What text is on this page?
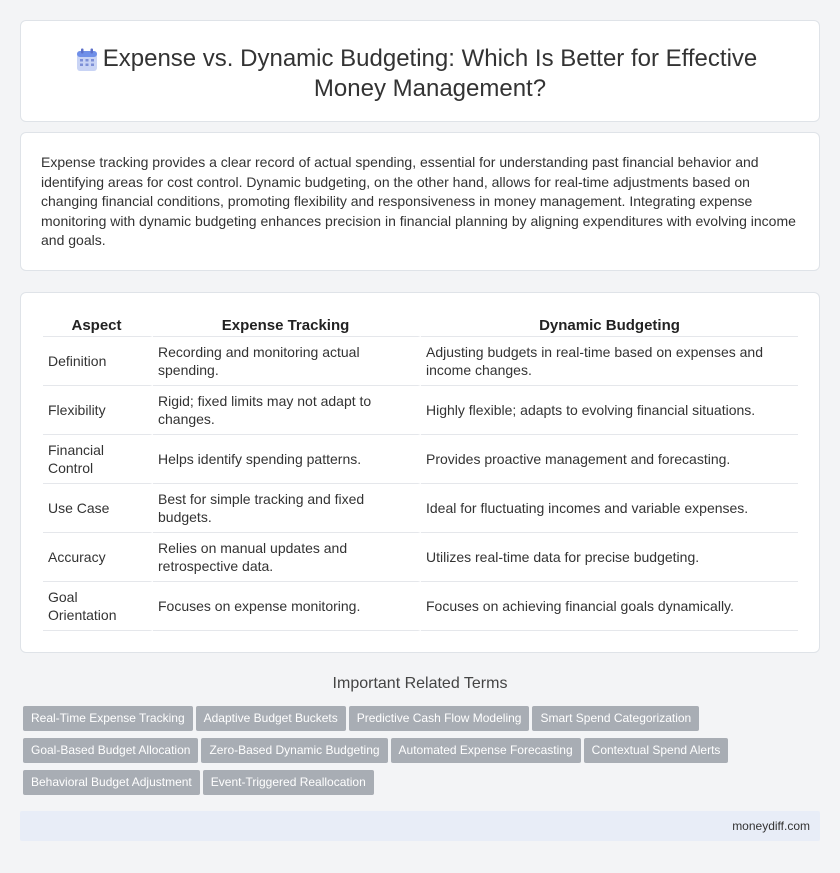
Expense vs. Dynamic Budgeting: Which Is Better for Effective Money Management?

Expense tracking provides a clear record of actual spending, essential for understanding past financial behavior and identifying areas for cost control. Dynamic budgeting, on the other hand, allows for real-time adjustments based on changing financial conditions, promoting flexibility and responsiveness in money management. Integrating expense monitoring with dynamic budgeting enhances precision in financial planning by aligning expenditures with evolving income and goals.

Aspect	Expense Tracking	Dynamic Budgeting
Definition	Recording and monitoring actual spending.	Adjusting budgets in real-time based on expenses and income changes.
Flexibility	Rigid; fixed limits may not adapt to changes.	Highly flexible; adapts to evolving financial situations.
Financial Control	Helps identify spending patterns.	Provides proactive management and forecasting.
Use Case	Best for simple tracking and fixed budgets.	Ideal for fluctuating incomes and variable expenses.
Accuracy	Relies on manual updates and retrospective data.	Utilizes real-time data for precise budgeting.
Goal Orientation	Focuses on expense monitoring.	Focuses on achieving financial goals dynamically.
Important Related Terms
Real-Time Expense Tracking Adaptive Budget Buckets Predictive Cash Flow Modeling Smart Spend Categorization
Goal-Based Budget Allocation Zero-Based Dynamic Budgeting Automated Expense Forecasting Contextual Spend Alerts
Behavioral Budget Adjustment Event-Triggered Reallocation
moneydiff.com
